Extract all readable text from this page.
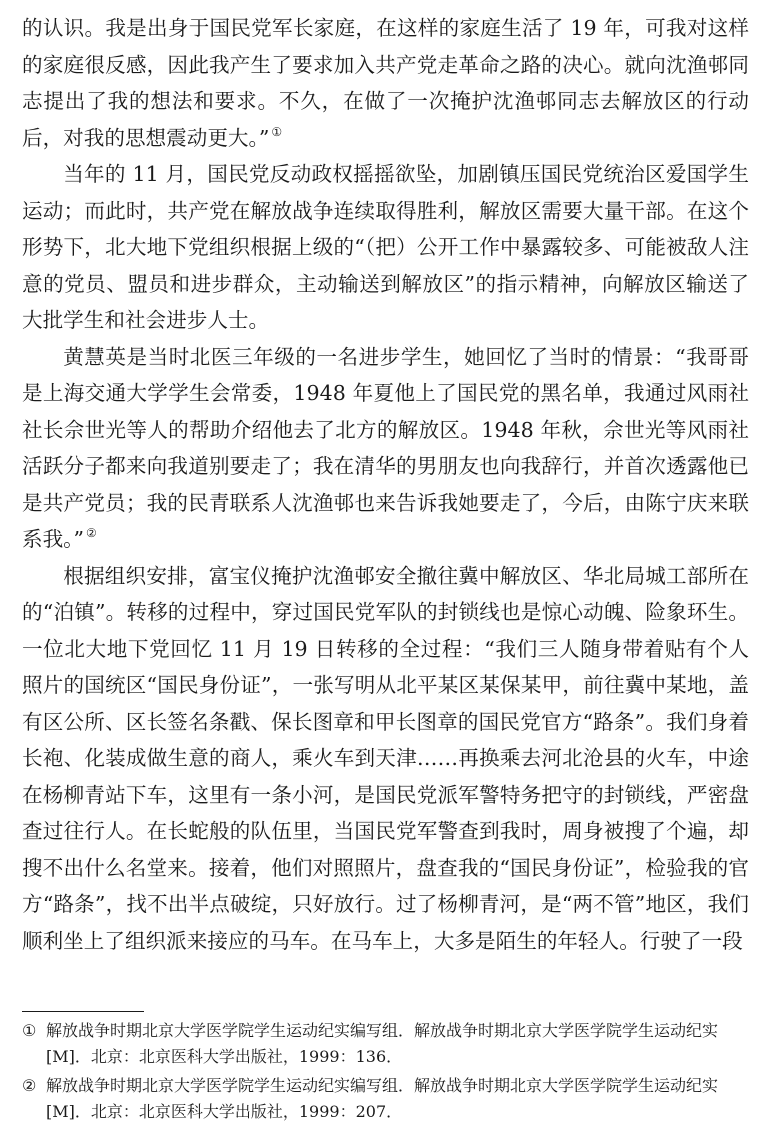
的认识。我是出身于国民党军长家庭，在这样的家庭生活了 19 年，可我对这样的家庭很反感，因此我产生了要求加入共产党走革命之路的决心。就向沈渔邨同志提出了我的想法和要求。不久，在做了一次掩护沈渔邨同志去解放区的行动后，对我的思想震动更大。” ①

当年的 11 月，国民党反动政权摇摇欲坠，加剧镇压国民党统治区爱国学生运动；而此时，共产党在解放战争连续取得胜利，解放区需要大量干部。在这个形势下，北大地下党组织根据上级的“（把）公开工作中暴露较多、可能被敌人注意的党员、盟员和进步群众，主动输送到解放区”的指示精神，向解放区输送了大批学生和社会进步人士。

黄慧英是当时北医三年级的一名进步学生，她回忆了当时的情景：“我哥哥是上海交通大学学生会常委，1948 年夏他上了国民党的黑名单，我通过风雨社社长佘世光等人的帮助介绍他去了北方的解放区。1948 年秋，佘世光等风雨社活跃分子都来向我道别要走了；我在清华的男朋友也向我辞行，并首次透露他已是共产党员；我的民青联系人沈渔邨也来告诉我她要走了，今后，由陈宁庆来联系我。” ②

根据组织安排，富宝仪掩护沈渔邨安全撤往冀中解放区、华北局城工部所在的“泊镇”。转移的过程中，穿过国民党军队的封锁线也是惊心动魄、险象环生。一位北大地下党回忆 11 月 19 日转移的全过程：“我们三人随身带着贴有个人照片的国统区“国民身份证”，一张写明从北平某区某保某甲，前往冀中某地，盖有区公所、区长签名条戳、保长图章和甲长图章的国民党官方“路条”。我们身着长袍、化装成做生意的商人，乘火车到天津……再换乘去河北沧县的火车，中途在杨柳青站下车，这里有一条小河，是国民党派军警特务把守的封锁线，严密盘查过往行人。在长蛇般的队伍里，当国民党军警查到我时，周身被搜了个遍，却搜不出什么名堂来。接着，他们对照照片，盘查我的“国民身份证”，检验我的官方“路条”，找不出半点破绽，只好放行。过了杨柳青河，是“两不管”地区，我们顺利坐上了组织派来接应的马车。在马车上，大多是陌生的年轻人。行驶了一段

① 解放战争时期北京大学医学院学生运动纪实编写组．解放战争时期北京大学医学院学生运动纪实 [M]．北京：北京医科大学出版社，1999：136．
② 解放战争时期北京大学医学院学生运动纪实编写组．解放战争时期北京大学医学院学生运动纪实 [M]．北京：北京医科大学出版社，1999：207．
